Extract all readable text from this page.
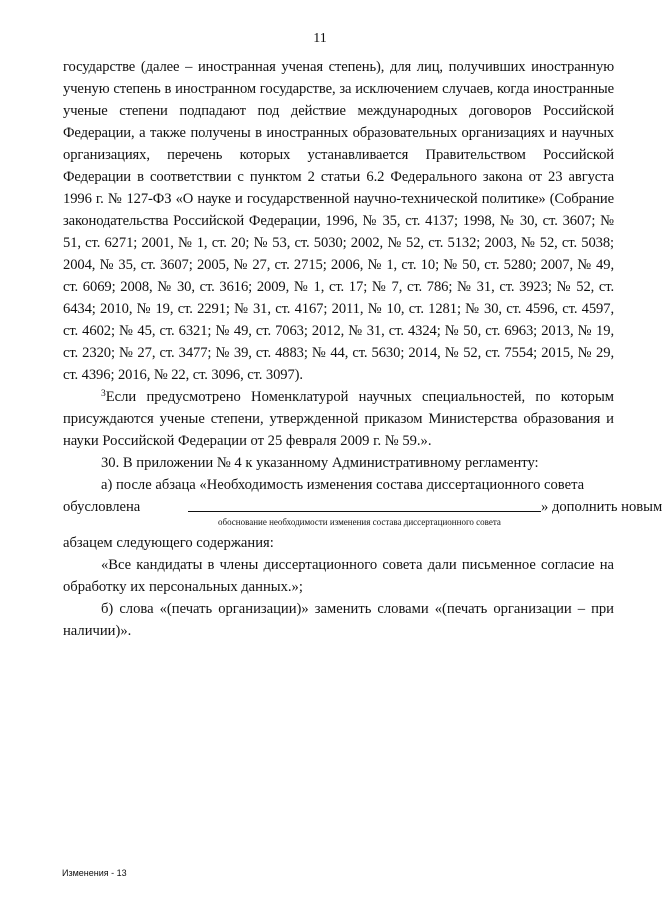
11

государстве (далее – иностранная ученая степень), для лиц, получивших иностранную ученую степень в иностранном государстве, за исключением случаев, когда иностранные ученые степени подпадают под действие международных договоров Российской Федерации, а также получены в иностранных образовательных организациях и научных организациях, перечень которых устанавливается Правительством Российской Федерации в соответствии с пунктом 2 статьи 6.2 Федерального закона от 23 августа 1996 г. № 127-ФЗ «О науке и государственной научно-технической политике» (Собрание законодательства Российской Федерации, 1996, № 35, ст. 4137; 1998, № 30, ст. 3607; № 51, ст. 6271; 2001, № 1, ст. 20; № 53, ст. 5030; 2002, № 52, ст. 5132; 2003, № 52, ст. 5038; 2004, № 35, ст. 3607; 2005, № 27, ст. 2715; 2006, № 1, ст. 10; № 50, ст. 5280; 2007, № 49, ст. 6069; 2008, № 30, ст. 3616; 2009, № 1, ст. 17; № 7, ст. 786; № 31, ст. 3923; № 52, ст. 6434; 2010, № 19, ст. 2291; № 31, ст. 4167; 2011, № 10, ст. 1281; № 30, ст. 4596, ст. 4597, ст. 4602; № 45, ст. 6321; № 49, ст. 7063; 2012, № 31, ст. 4324; № 50, ст. 6963; 2013, № 19, ст. 2320; № 27, ст. 3477; № 39, ст. 4883; № 44, ст. 5630; 2014, № 52, ст. 7554; 2015, № 29, ст. 4396; 2016, № 22, ст. 3096, ст. 3097).

$^3$Если предусмотрено Номенклатурой научных специальностей, по которым присуждаются ученые степени, утвержденной приказом Министерства образования и науки Российской Федерации от 25 февраля 2009 г. № 59.».

30. В приложении № 4 к указанному Административному регламенту:

а) после абзаца «Необходимость изменения состава диссертационного совета

обусловлена	» дополнить новым
обоснование необходимости изменения состава диссертационного совета

абзацем следующего содержания:

«Все кандидаты в члены диссертационного совета дали письменное согласие на обработку их персональных данных.»;

б) слова «(печать организации)» заменить словами «(печать организации – при наличии)».

Изменения - 13
